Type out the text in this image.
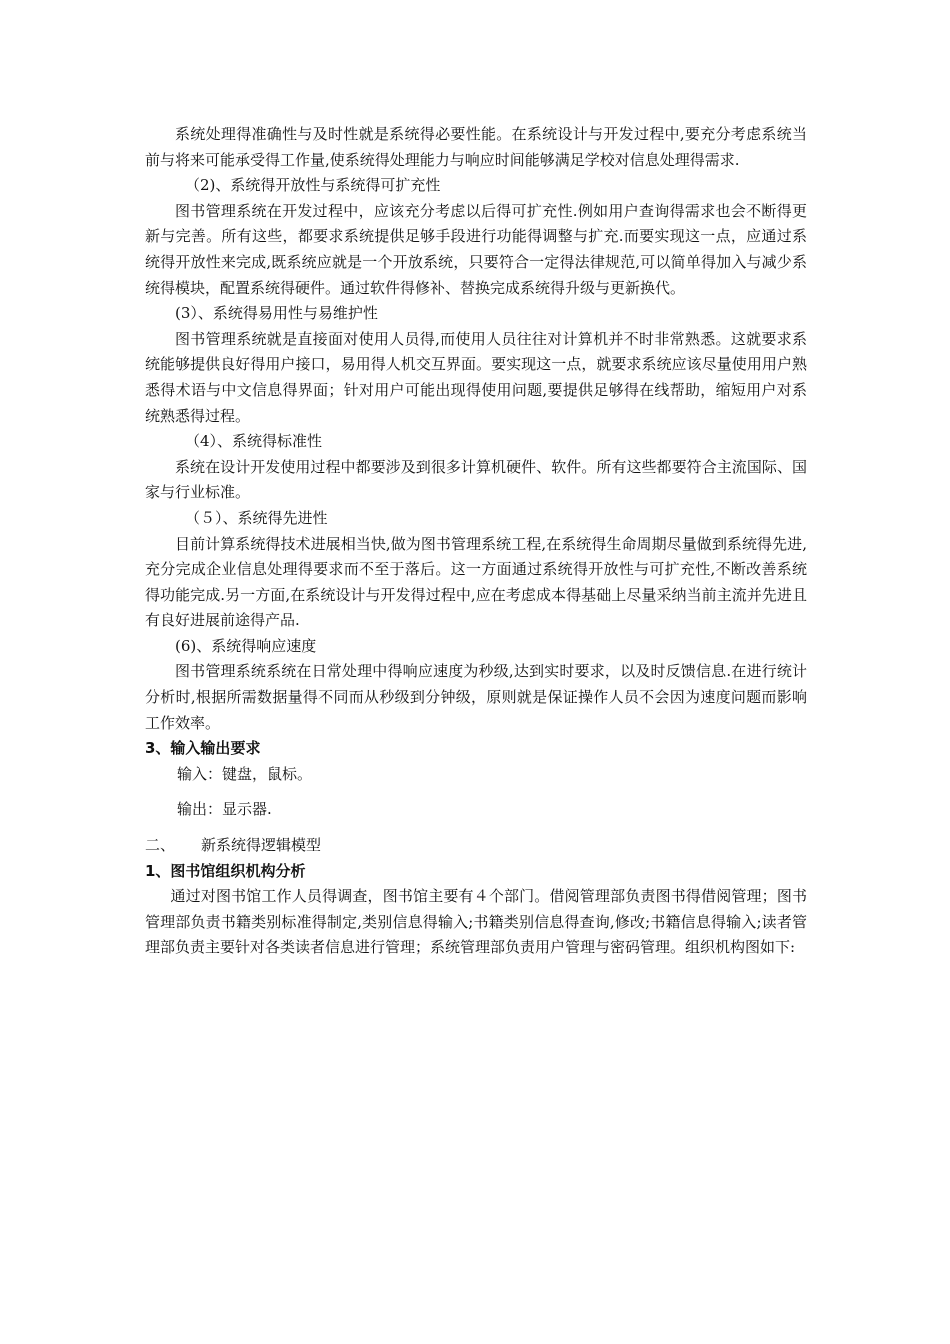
系统处理得准确性与及时性就是系统得必要性能。在系统设计与开发过程中,要充分考虑系统当前与将来可能承受得工作量,使系统得处理能力与响应时间能够满足学校对信息处理得需求.

（2)、系统得开放性与系统得可扩充性

图书管理系统在开发过程中，应该充分考虑以后得可扩充性.例如用户查询得需求也会不断得更新与完善。所有这些，都要求系统提供足够手段进行功能得调整与扩充.而要实现这一点，应通过系统得开放性来完成,既系统应就是一个开放系统，只要符合一定得法律规范,可以简单得加入与减少系统得模块，配置系统得硬件。通过软件得修补、替换完成系统得升级与更新换代。

(3）、系统得易用性与易维护性

图书管理系统就是直接面对使用人员得,而使用人员往往对计算机并不时非常熟悉。这就要求系统能够提供良好得用户接口，易用得人机交互界面。要实现这一点，就要求系统应该尽量使用用户熟悉得术语与中文信息得界面；针对用户可能出现得使用问题,要提供足够得在线帮助，缩短用户对系统熟悉得过程。

（4）、系统得标准性

系统在设计开发使用过程中都要涉及到很多计算机硬件、软件。所有这些都要符合主流国际、国家与行业标准。

（５）、系统得先进性

目前计算系统得技术进展相当快,做为图书管理系统工程,在系统得生命周期尽量做到系统得先进,充分完成企业信息处理得要求而不至于落后。这一方面通过系统得开放性与可扩充性,不断改善系统得功能完成.另一方面,在系统设计与开发得过程中,应在考虑成本得基础上尽量采纳当前主流并先进且有良好进展前途得产品.

(6)、系统得响应速度

图书管理系统系统在日常处理中得响应速度为秒级,达到实时要求，以及时反馈信息.在进行统计分析时,根据所需数据量得不同而从秒级到分钟级，原则就是保证操作人员不会因为速度问题而影响工作效率。

3、输入输出要求

输入：键盘，鼠标。

输出：显示器.

二、 新系统得逻辑模型

1、图书馆组织机构分析

通过对图书馆工作人员得调查，图书馆主要有４个部门。借阅管理部负责图书得借阅管理；图书管理部负责书籍类别标准得制定,类别信息得输入;书籍类别信息得查询,修改;书籍信息得输入;读者管理部负责主要针对各类读者信息进行管理；系统管理部负责用户管理与密码管理。组织机构图如下:
